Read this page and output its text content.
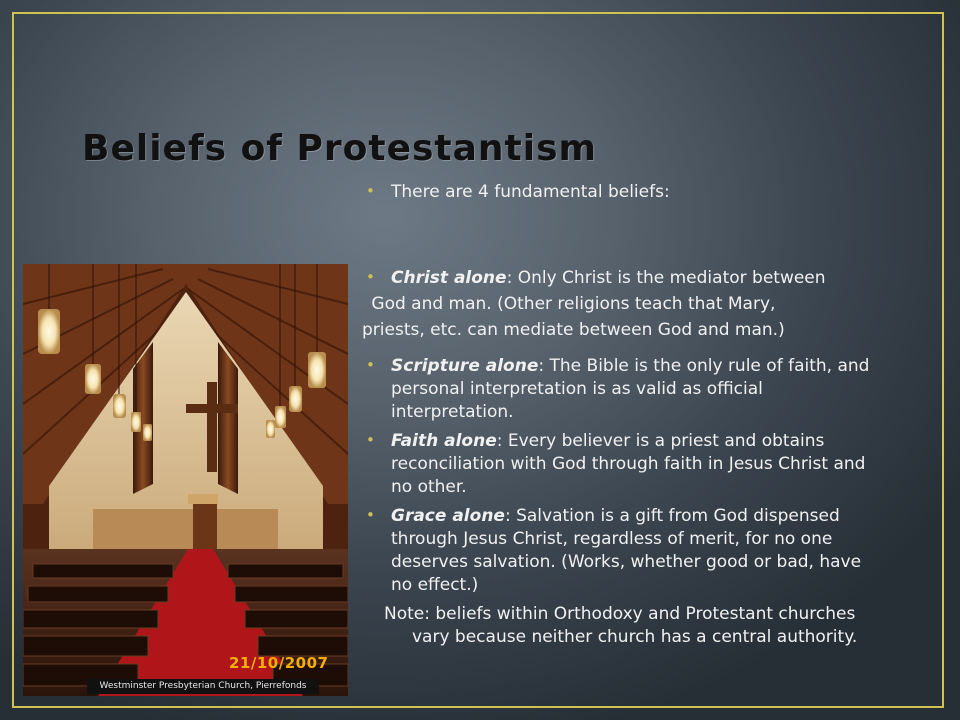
Beliefs of Protestantism
• There are 4 fundamental beliefs:
• Christ alone: Only Christ is the mediator between
God and man. (Other religions teach that Mary,
priests, etc. can mediate between God and man.)
• Scripture alone: The Bible is the only rule of faith, and
personal interpretation is as valid as official
interpretation.
• Faith alone: Every believer is a priest and obtains
reconciliation with God through faith in Jesus Christ and
no other.
• Grace alone: Salvation is a gift from God dispensed
through Jesus Christ, regardless of merit, for no one
deserves salvation. (Works, whether good or bad, have
no effect.)
Note: beliefs within Orthodoxy and Protestant churches
vary because neither church has a central authority.
21/10/2007
Westminster Presbyterian Church, Pierrefonds
